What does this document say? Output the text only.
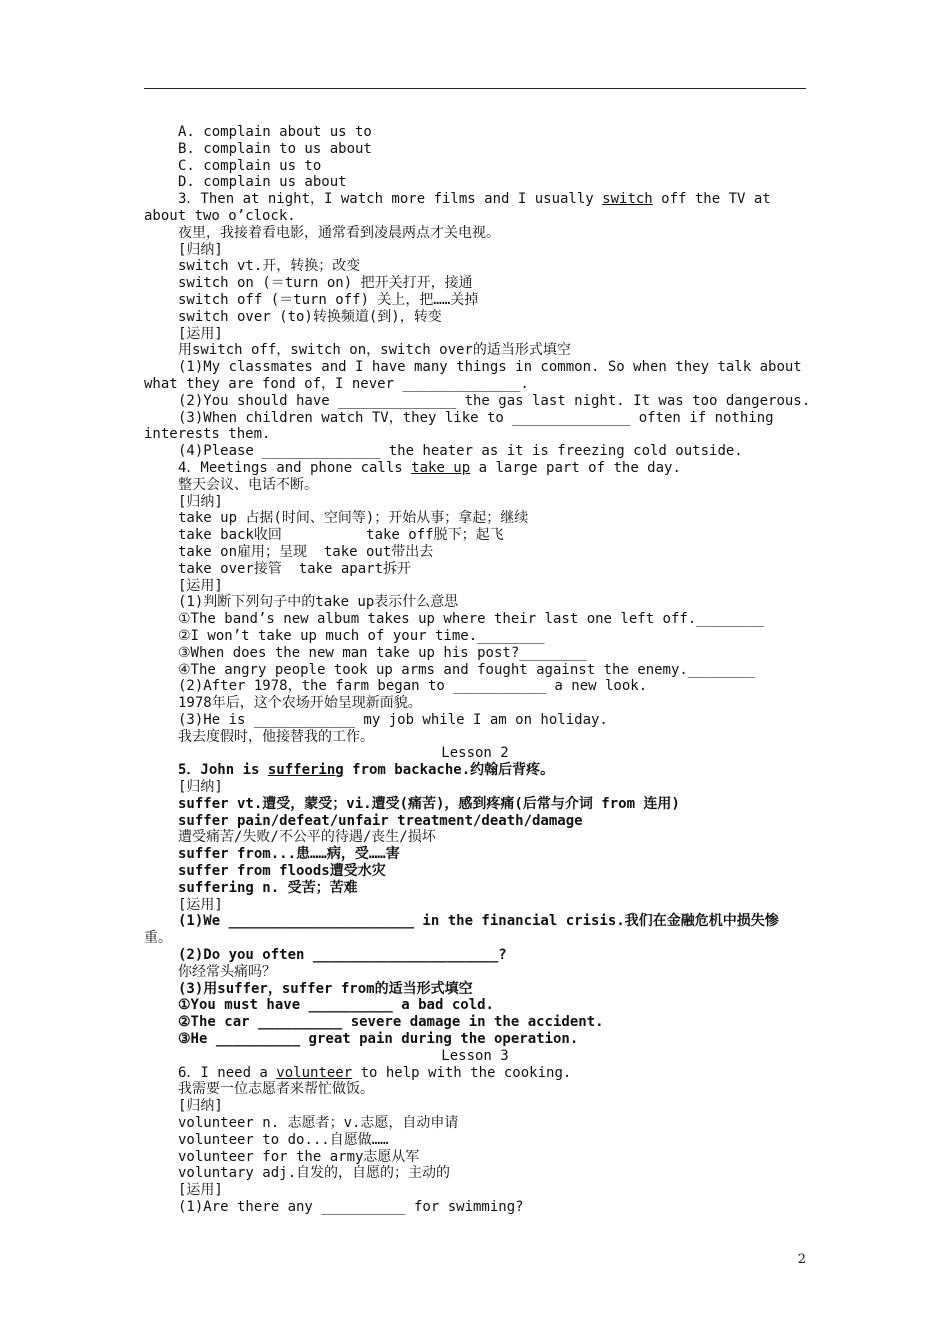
A. complain about us to
B. complain to us about
C. complain us to
D. complain us about
3．Then at night，I watch more films and I usually switch off the TV at
about two o’clock.
夜里，我接着看电影，通常看到凌晨两点才关电视。
[归纳]
switch vt.开，转换；改变
switch on (＝turn on) 把开关打开，接通
switch off (＝turn off) 关上，把……关掉
switch over (to)转换频道(到)，转变
[运用]
用switch off，switch on，switch over的适当形式填空
(1)My classmates and I have many things in common. So when they talk about
what they are fond of，I never ______________.
(2)You should have ______________ the gas last night. It was too dangerous.
(3)When children watch TV，they like to ______________ often if nothing
interests them.
(4)Please ______________ the heater as it is freezing cold outside.
4．Meetings and phone calls take up a large part of the day.
整天会议、电话不断。
[归纳]
take up 占据(时间、空间等)；开始从事；拿起；继续
take back收回          take off脱下；起飞
take on雇用；呈现  take out带出去
take over接管  take apart拆开
[运用]
(1)判断下列句子中的take up表示什么意思
①The band’s new album takes up where their last one left off.________
②I won’t take up much of your time.________
③When does the new man take up his post?________
④The angry people took up arms and fought against the enemy.________
(2)After 1978，the farm began to ___________ a new look.
1978年后，这个农场开始呈现新面貌。
(3)He is ____________ my job while I am on holiday.
我去度假时，他接替我的工作。
Lesson 2
5．John is suffering from backache.约翰后背疼。
[归纳]
suffer vt.遭受，蒙受；vi.遭受(痛苦)，感到疼痛(后常与介词 from 连用)
suffer pain/defeat/unfair treatment/death/damage
遭受痛苦/失败/不公平的待遇/丧生/损坏
suffer from...患……病，受……害
suffer from floods遭受水灾
suffering n. 受苦；苦难
[运用]
(1)We ______________________ in the financial crisis.我们在金融危机中损失惨
重。
(2)Do you often ______________________?
你经常头痛吗？
(3)用suffer，suffer from的适当形式填空
①You must have __________ a bad cold.
②The car __________ severe damage in the accident.
③He __________ great pain during the operation.
Lesson 3
6．I need a volunteer to help with the cooking.
我需要一位志愿者来帮忙做饭。
[归纳]
volunteer n. 志愿者；v.志愿，自动申请
volunteer to do...自愿做……
volunteer for the army志愿从军
voluntary adj.自发的，自愿的；主动的
[运用]
(1)Are there any __________ for swimming?
2
